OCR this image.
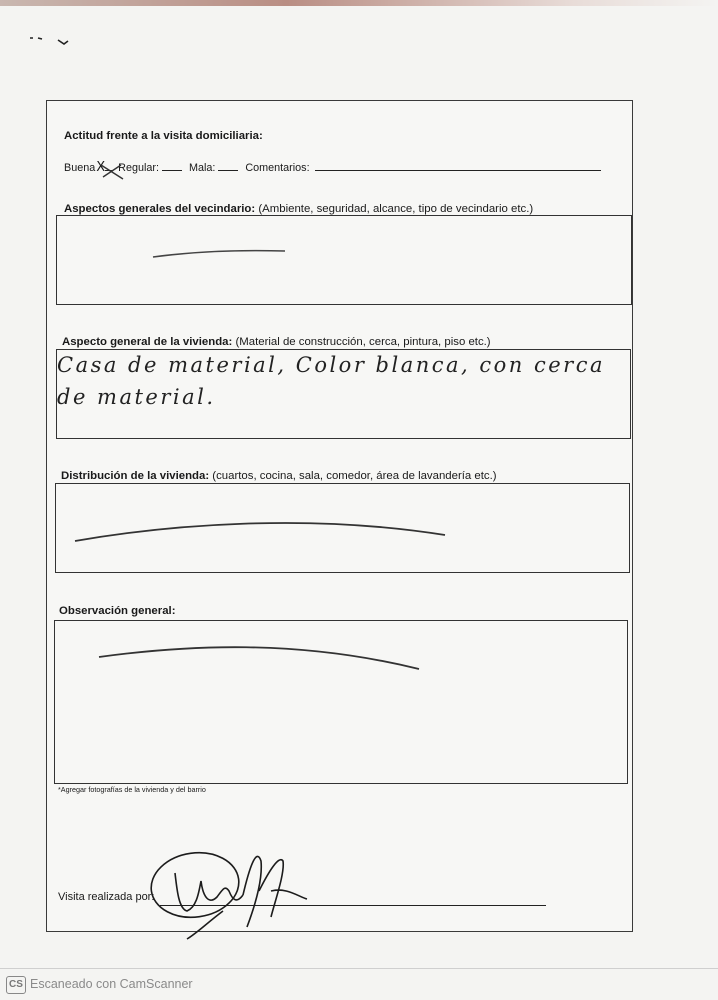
Actitud frente a la visita domiciliaria:
BuenaX Regular:	Mala:	Comentarios:
Aspectos generales del vecindario: (Ambiente, seguridad, alcance, tipo de vecindario etc.)
Aspecto general de la vivienda: (Material de construcción, cerca, pintura, piso etc.)
Casa de material, Color blanca, con cerca
de material.
Distribución de la vivienda: (cuartos, cocina, sala, comedor, área de lavandería etc.)
Observación general:
*Agregar fotografías de la vivienda y del barrio
Visita realizada por:
CS Escaneado con CamScanner
